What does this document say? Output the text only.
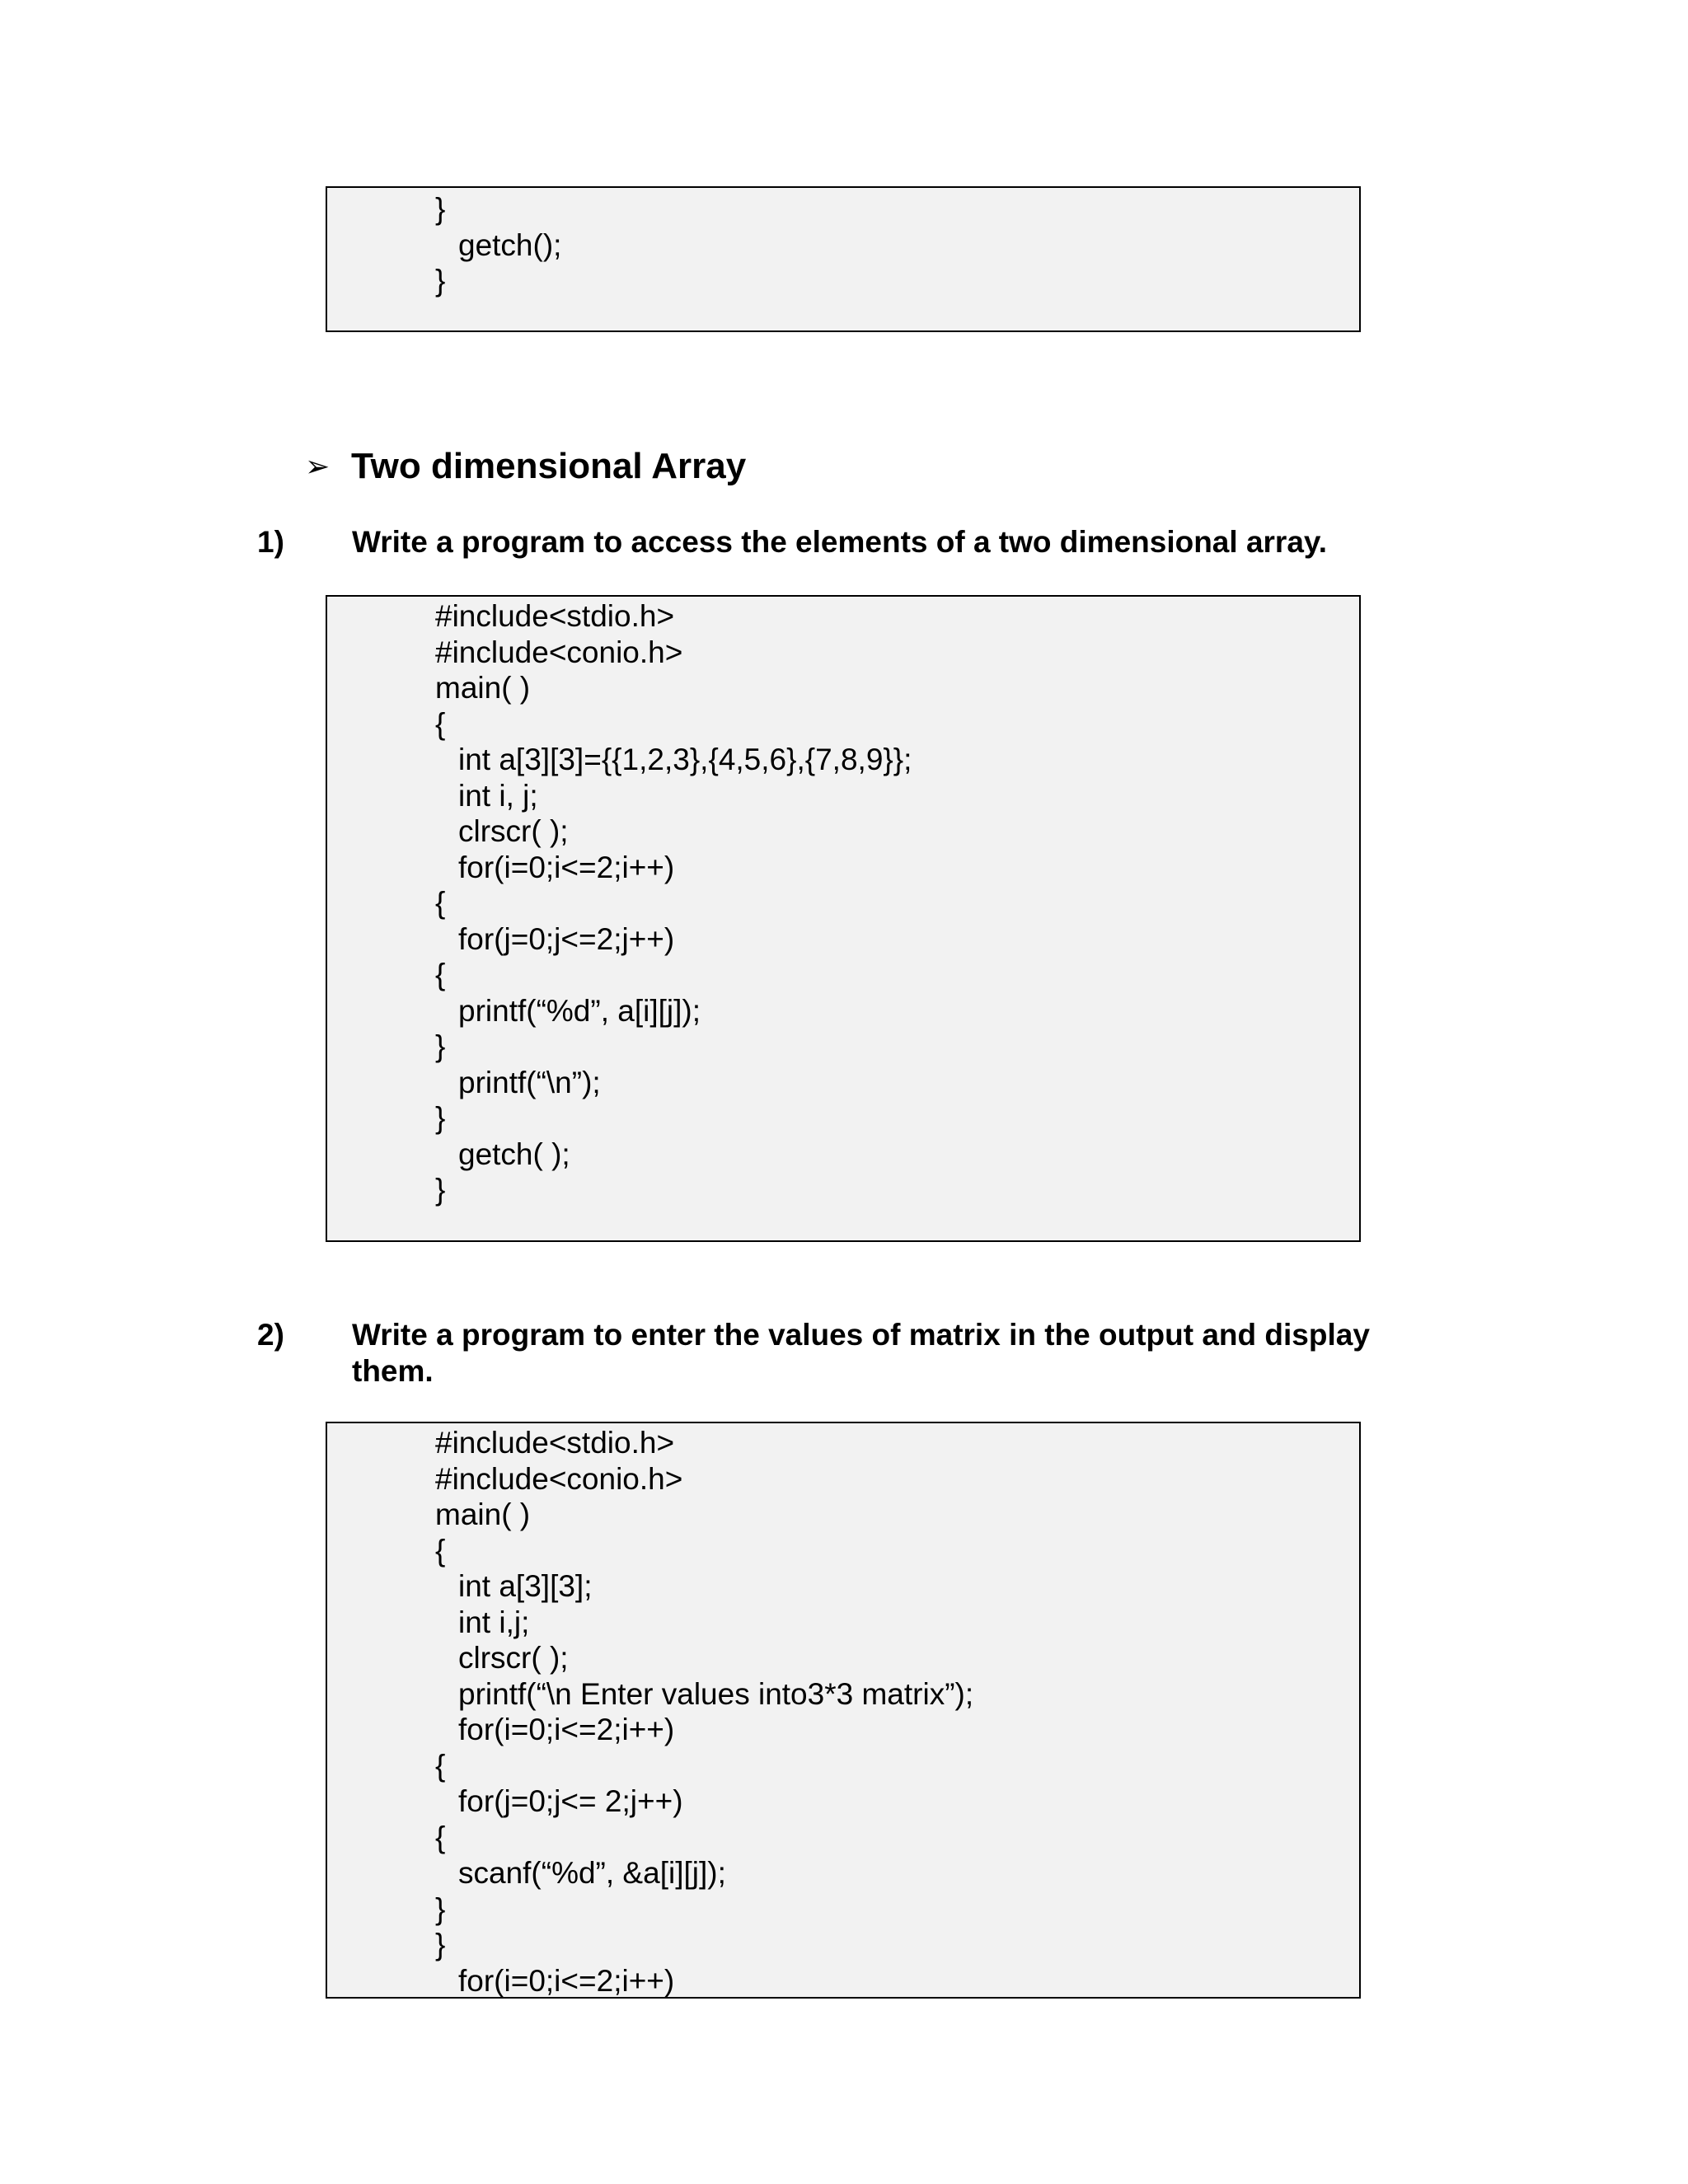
}
getch();
}
➢ Two dimensional Array
1)	Write a program to access the elements of a two dimensional array.
#include<stdio.h>
#include<conio.h>
main( )
{
int a[3][3]={{1,2,3},{4,5,6},{7,8,9}};
int i, j;
clrscr( );
for(i=0;i<=2;i++)
{
for(j=0;j<=2;j++)
{
printf(“%d”, a[i][j]);
}
printf(“\n”);
}
getch( );
}
2)	Write a program to enter the values of matrix in the output and display
them.
#include<stdio.h>
#include<conio.h>
main( )
{
int a[3][3];
int i,j;
clrscr( );
printf(“\n Enter values into3*3 matrix”);
for(i=0;i<=2;i++)
{
for(j=0;j<= 2;j++)
{
scanf(“%d”, &a[i][j]);
}
}
for(i=0;i<=2;i++)
